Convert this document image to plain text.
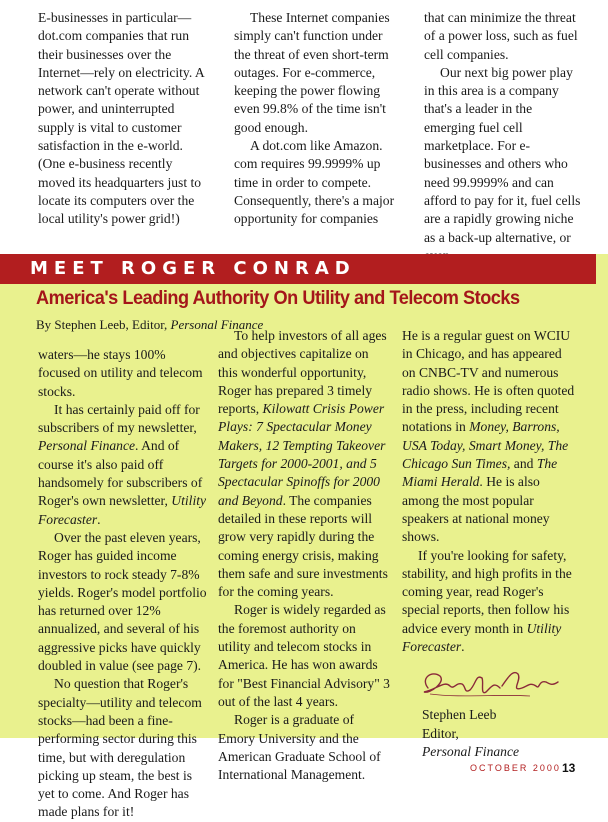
E-businesses in particular—dot.com companies that run their businesses over the Internet—rely on electricity. A network can't operate without power, and uninterrupted supply is vital to customer satisfaction in the e-world. (One e-business recently moved its headquarters just to locate its computers over the local utility's power grid!)

These Internet companies simply can't function under the threat of even short-term outages. For e-commerce, keeping the power flowing even 99.8% of the time isn't good enough.

A dot.com like Amazon. com requires 99.9999% up time in order to compete. Consequently, there's a major opportunity for companies

that can minimize the threat of a power loss, such as fuel cell companies.

Our next big power play in this area is a company that's a leader in the emerging fuel cell marketplace. For e-businesses and others who need 99.9999% and can afford to pay for it, fuel cells are a rapidly growing niche as a back-up alternative, or

MEET ROGER CONRAD
America's Leading Authority On Utility and Telecom Stocks
By Stephen Leeb, Editor, Personal Finance

waters—he stays 100% focused on utility and telecom stocks.

It has certainly paid off for subscribers of my newsletter, Personal Finance. And of course it's also paid off handsomely for subscribers of Roger's own newsletter, Utility Forecaster.

Over the past eleven years, Roger has guided income investors to rock steady 7-8% yields. Roger's model portfolio has returned over 12% annualized, and several of his aggressive picks have quickly doubled in value (see page 7).

No question that Roger's specialty—utility and telecom stocks—had been a fine-performing sector during this time, but with deregulation picking up steam, the best is yet to come. And Roger has made plans for it!

To help investors of all ages and objectives capitalize on this wonderful opportunity, Roger has prepared 3 timely reports, Kilowatt Crisis Power Plays: 7 Spectacular Money Makers, 12 Tempting Takeover Targets for 2000-2001, and 5 Spectacular Spinoffs for 2000 and Beyond. The companies detailed in these reports will grow very rapidly during the coming energy crisis, making them safe and sure investments for the coming years.

Roger is widely regarded as the foremost authority on utility and telecom stocks in America. He has won awards for "Best Financial Advisory" 3 out of the last 4 years.

Roger is a graduate of Emory University and the American Graduate School of International Management.

He is a regular guest on WCIU in Chicago, and has appeared on CNBC-TV and numerous radio shows. He is often quoted in the press, including recent notations in Money, Barrons, USA Today, Smart Money, The Chicago Sun Times, and The Miami Herald. He is also among the most popular speakers at national money shows.

If you're looking for safety, stability, and high profits in the coming year, read Roger's special reports, then follow his advice every month in Utility Forecaster.

Stephen Leeb
Editor,
Personal Finance
OCTOBER 2000 13
